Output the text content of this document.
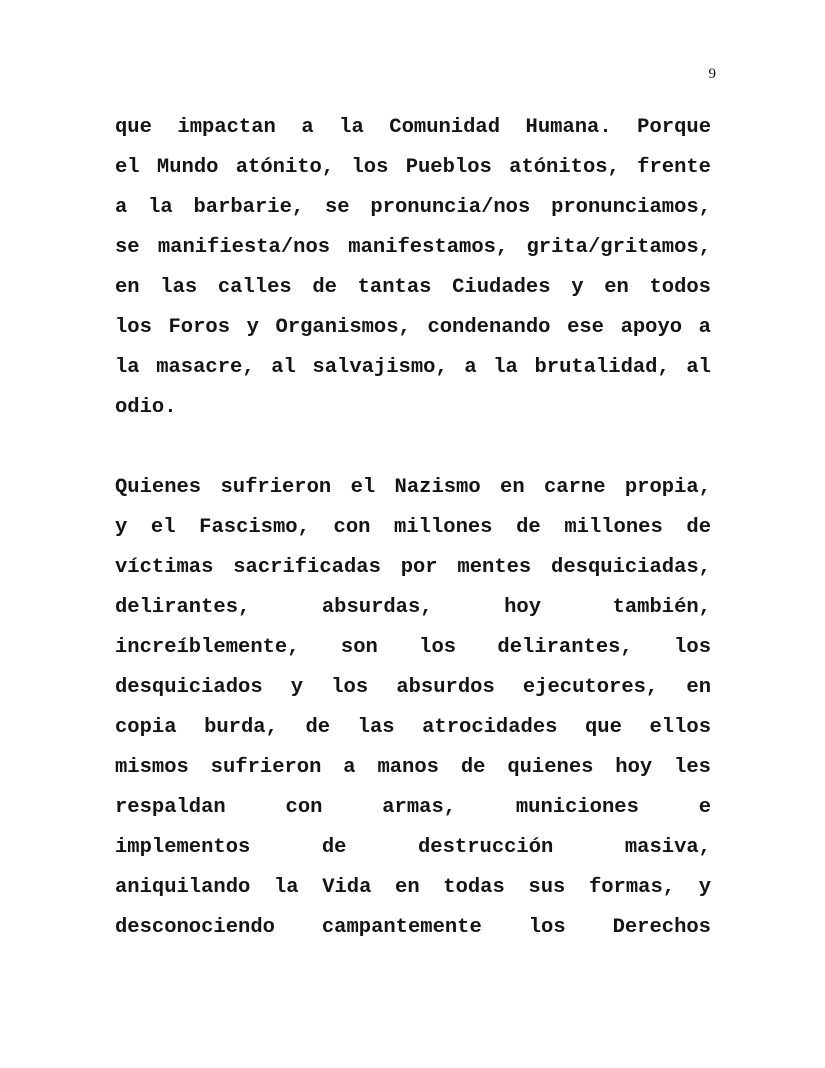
9
que impactan a la Comunidad Humana. Porque
el Mundo atónito, los Pueblos atónitos, frente
a la barbarie, se pronuncia/nos pronunciamos,
se manifiesta/nos manifestamos, grita/gritamos,
en las calles de tantas Ciudades y en todos
los Foros y Organismos, condenando ese apoyo a
la masacre, al salvajismo, a la brutalidad, al
odio.
Quienes sufrieron el Nazismo en carne propia,
y el Fascismo, con millones de millones de
víctimas sacrificadas por mentes desquiciadas,
delirantes, absurdas, hoy también,
increíblemente, son los delirantes, los
desquiciados y los absurdos ejecutores, en
copia burda, de las atrocidades que ellos
mismos sufrieron a manos de quienes hoy les
respaldan con armas, municiones e
implementos de destrucción masiva,
aniquilando la Vida en todas sus formas, y
desconociendo campantemente los Derechos
